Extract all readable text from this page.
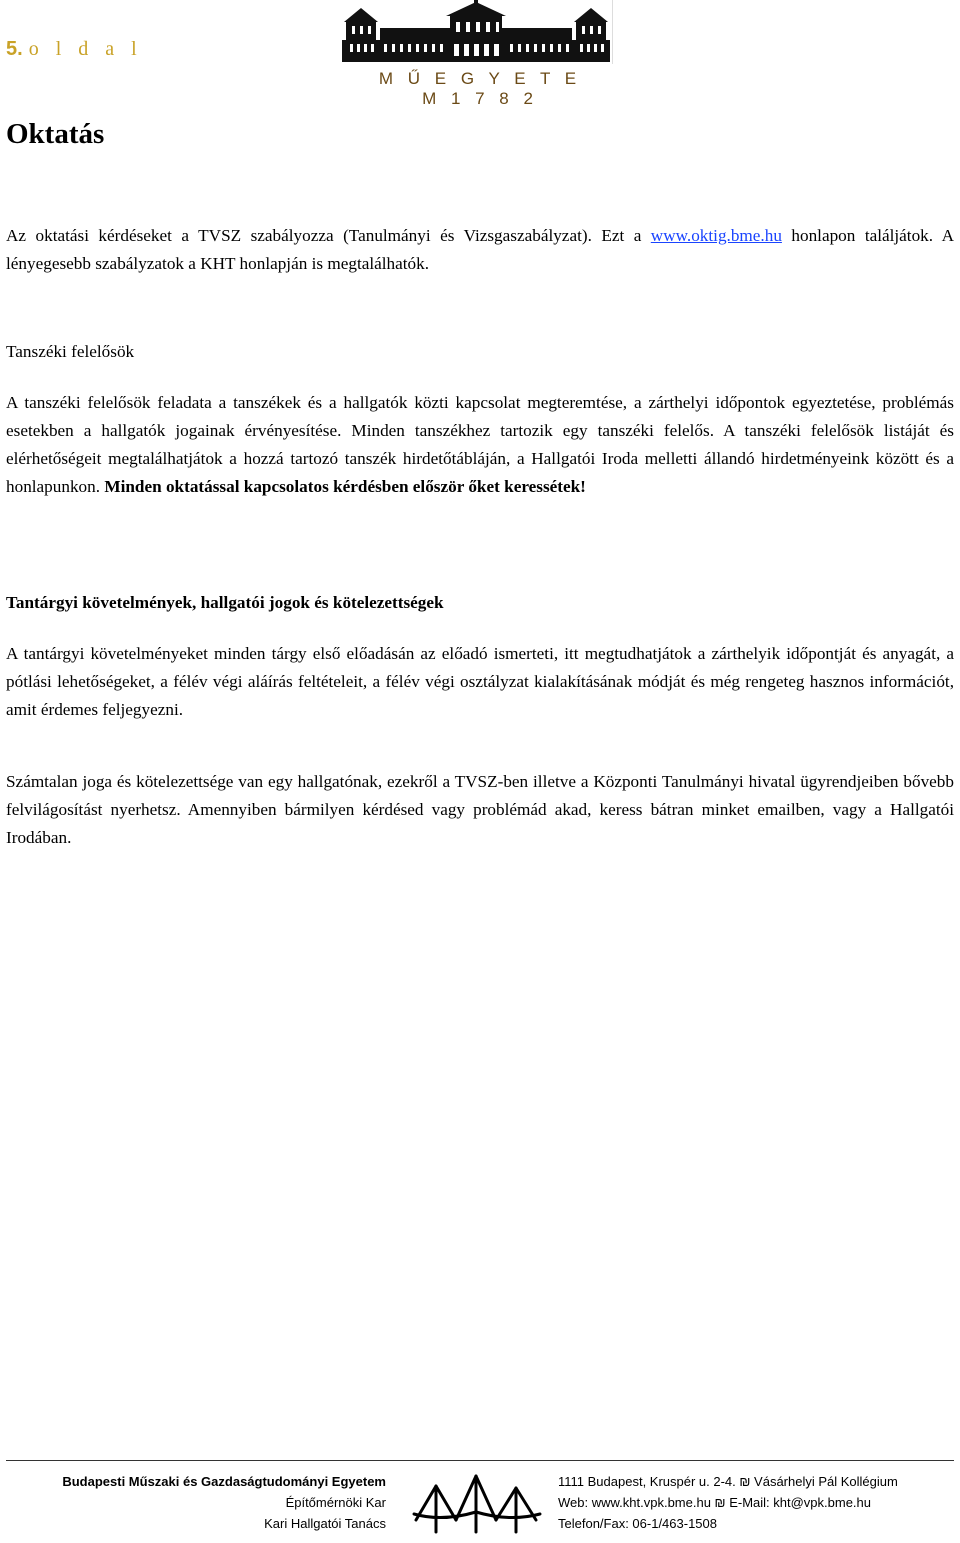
5. o l d a l
M Ű E G Y E T E M 1 7 8 2
Oktatás
Az oktatási kérdéseket a TVSZ szabályozza (Tanulmányi és Vizsgaszabályzat). Ezt a www.oktig.bme.hu honlapon találjátok. A lényegesebb szabályzatok a KHT honlapján is megtalálhatók.
Tanszéki felelősök
A tanszéki felelősök feladata a tanszékek és a hallgatók közti kapcsolat megteremtése, a zárthelyi időpontok egyeztetése, problémás esetekben a hallgatók jogainak érvényesítése. Minden tanszékhez tartozik egy tanszéki felelős. A tanszéki felelősök listáját és elérhetőségeit megtalálhatjátok a hozzá tartozó tanszék hirdetőtábláján, a Hallgatói Iroda melletti állandó hirdetményeink között és a honlapunkon. Minden oktatással kapcsolatos kérdésben először őket keressétek!
Tantárgyi követelmények, hallgatói jogok és kötelezettségek
A tantárgyi követelményeket minden tárgy első előadásán az előadó ismerteti, itt megtudhatjátok a zárthelyik időpontját és anyagát, a pótlási lehetőségeket, a félév végi aláírás feltételeit, a félév végi osztályzat kialakításának módját és még rengeteg hasznos információt, amit érdemes feljegyezni.
Számtalan joga és kötelezettsége van egy hallgatónak, ezekről a TVSZ-ben illetve a Központi Tanulmányi hivatal ügyrendjeiben bővebb felvilágosítást nyerhetsz. Amennyiben bármilyen kérdésed vagy problémád akad, keress bátran minket emailben, vagy a Hallgatói Irodában.
Budapesti Műszaki és Gazdaságtudományi Egyetem
Építőmérnöki Kar
Kari Hallgatói Tanács
1111 Budapest, Kruspér u. 2-4. ₪ Vásárhelyi Pál Kollégium
Web: www.kht.vpk.bme.hu ₪ E-Mail: kht@vpk.bme.hu
Telefon/Fax: 06-1/463-1508
